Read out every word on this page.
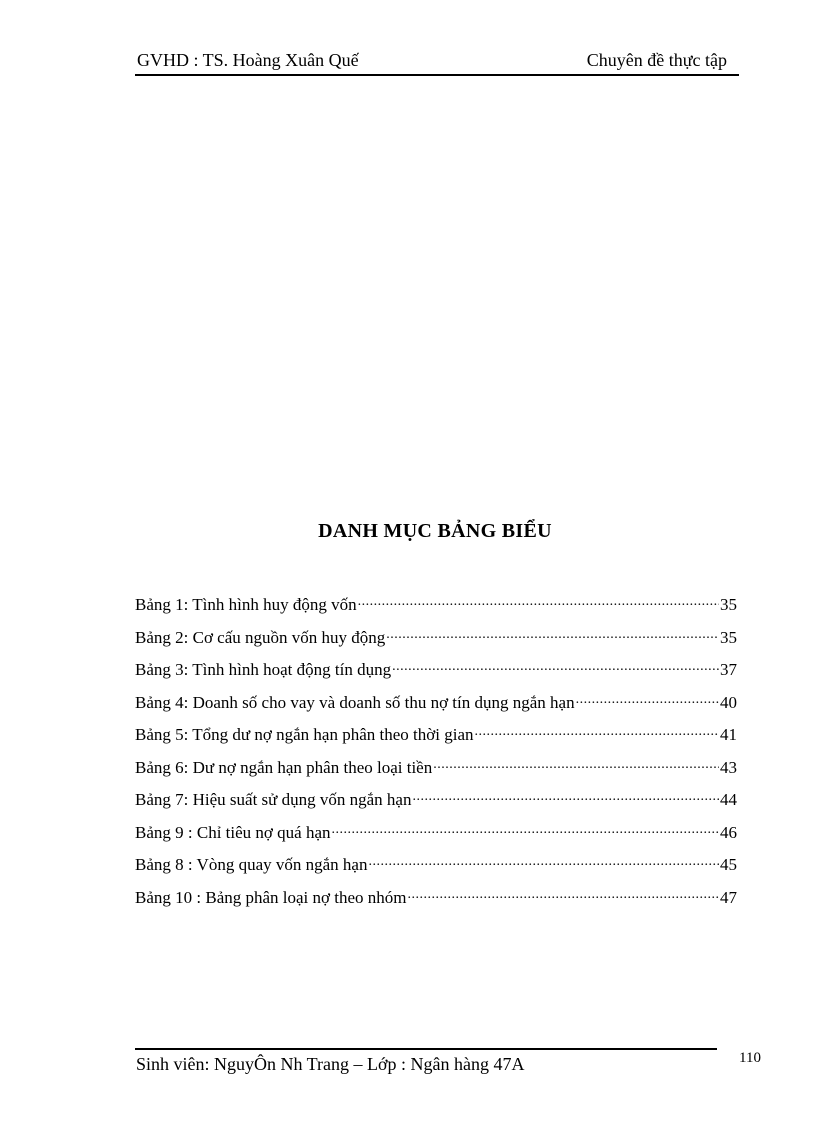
GVHD : TS. Hoàng Xuân Quế	Chuyên đề thực tập
DANH MỤC BẢNG BIỂU
Bảng 1: Tình hình huy động vốn .....	35
Bảng 2: Cơ cấu nguồn vốn huy động .....	35
Bảng 3: Tình hình hoạt động tín dụng .....	37
Bảng 4: Doanh số cho vay và doanh số thu nợ tín dụng ngắn hạn .....	40
Bảng 5: Tổng dư nợ ngắn hạn phân theo thời gian .....	41
Bảng 6: Dư nợ ngắn hạn phân theo loại tiền .....	43
Bảng 7: Hiệu suất sử dụng vốn ngắn hạn .....	44
Bảng 9 : Chỉ tiêu nợ quá hạn .....	46
Bảng 8 : Vòng quay vốn ngắn hạn .....	45
Bảng 10 : Bảng phân loại nợ theo nhóm .....	47
Sinh viên: NguyÔn Nh Trang – Lớp : Ngân hàng 47A	110
